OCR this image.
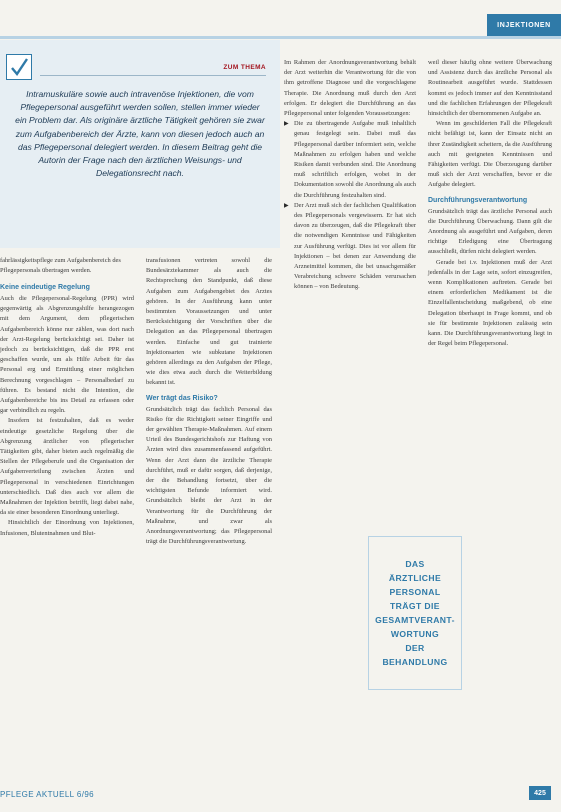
INJEKTIONEN
ZUM THEMA

Intramuskuläre sowie auch intravenöse Injektionen, die vom Pflegepersonal ausgeführt werden sollen, stellen immer wieder ein Problem dar. Als originäre ärztliche Tätigkeit gehören sie zwar zum Aufgabenbereich der Ärzte, kann von diesen jedoch auch an das Pflegepersonal delegiert werden. In diesem Beitrag geht die Autorin der Frage nach den ärztlichen Weisungs- und Delegationsrecht nach.

fahrlässigkeitspflege zum Aufgabenbereich des Pflegepersonals übertragen werden.
Keine eindeutige Regelung

Auch die Pflegepersonal-Regelung (PPR) wird gegenwärtig als Abgrenzungshilfe herangezogen mit dem Argument, dem pflegerischen Aufgabenbereich könne nur zählen, was dort nach der Arzt-Regelung berücksichtigt sei. Daher ist jedoch zu berücksichtigen, daß die PPR erst geschaffen wurde, um als Hilfe Arbeit für das Personal erg und Ermittlung einer möglichen Berechnung vorgeschlagen – Personalbedarf zu führen. Es bestand nicht die Intention, die Aufgabenbereiche bis ins Detail zu erfassen oder gar verbindlich zu regeln.

Insofern ist festzuhalten, daß es weder eindeutige gesetzliche Regelung über die Abgrenzung ärztlicher von pflegerischer Tätigkeiten gibt, daher bieten auch regelmäßig die Stellen der Pflegeberufe und die Organisation der Aufgabenverteilung zwischen Ärzten und Pflegepersonal in verschiedenen Einrichtungen unterschiedlich. Daß dies auch vor allem die Maßnahmen der Injektion betrifft, liegt dabei nahe, da sie einer besonderen Einordnung unterliegt.

Hinsichtlich der Einordnung von Injektionen, Infusionen, Blutentnahmen und Blut-

transfusionen vertreten sowohl die Bundesärztekammer als auch die Rechtsprechung den Standpunkt, daß diese Aufgaben zum Aufgabengebiet des Arztes gehören. In der Ausführung kann unter bestimmten Voraussetzungen und unter Berücksichtigung der Vorschriften über die Delegation an das Pflegepersonal übertragen werden. Einfache und gut trainierte Injektionsarten wie subkutane Injektionen gehören allerdings zu den Aufgaben der Pflege, wie dies etwa auch durch die Weiterbildung bekannt ist.

Wer trägt das Risiko?

Grundsätzlich trägt das fachlich Personal das Risiko für die Richtigkeit seiner Eingriffe und der gewählten Therapie-Maßnahmen. Auf einem Urteil des Bundesgerichtshofs zur Haftung von Ärzten wird dies zusammenfassend aufgeführt. Wenn der Arzt dann die ärztliche Therapie durchführt, muß er dafür sorgen, daß derjenige, der die Behandlung fortsetzt, über die wichtigsten Befunde informiert wird. Grundsätzlich bleibt der Arzt in der Verantwortung für die Durchführung der Maßnahme, und zwar als Anordnungsverantwortung; das Pflegepersonal trägt die Durchführungsverantwortung.

Im Rahmen der Anordnungsverantwortung behält der Arzt weiterhin die Verantwortung für die von ihm getroffene Diagnose und die vorgeschlagene Therapie. Die Anordnung muß durch den Arzt erfolgen. Er delegiert die Durchführung an das Pflegepersonal unter folgenden Voraussetzungen:

▶ Die zu übertragende Aufgabe muß inhaltlich genau festgelegt sein. Dabei muß das Pflegepersonal darüber informiert sein, welche Maßnahmen zu erfolgen haben und welche Risiken damit verbunden sind. Die Anordnung muß schriftlich erfolgen, wobei in der Dokumentation sowohl die Anordnung als auch die Durchführung festzuhalten sind.

▶ Der Arzt muß sich der fachlichen Qualifikation des Pflegepersonals vergewissern. Er hat sich davon zu überzeugen, daß die Pflegekraft über die notwendigen Kenntnisse und Fähigkeiten zur Ausführung verfügt. Dies ist vor allem für Injektionen – bei denen zur Anwendung die Arzneimittel kommen, die bei unsachgemäßer Verabreichung schwere Schäden verursachen können – von Bedeutung.

weil dieser häufig ohne weitere Überwachung und Assistenz durch das ärztliche Personal als Routinearbeit ausgeführt wurde. Stattdessen kommt es jedoch immer auf den Kenntnisstand und die fachlichen Erfahrungen der Pflegekraft hinsichtlich der übernommenen Aufgabe an.

Wenn im geschilderten Fall die Pflegekraft nicht befähigt ist, kann der Einsatz nicht an ihrer Zuständigkeit scheitern, da die Ausführung auch mit geeigneten Kenntnissen und Fähigkeiten verfügt. Die Überzeugung darüber muß sich der Arzt verschaffen, bevor er die Aufgabe delegiert.

Durchführungsverantwortung

Grundsätzlich trägt das ärztliche Personal auch die Durchführung Überwachung. Dann gilt die Anordnung als ausgeführt und Aufgaben, deren richtige Erledigung eine Übertragung ausschließt, dürfen nicht delegiert werden.

Gerade bei i.v. Injektionen muß der Arzt jedenfalls in der Lage sein, sofort einzugreifen, wenn Komplikationen auftreten. Gerade bei einem erforderlichen Medikament ist die Einzelfallentscheidung maßgebend, ob eine Delegation überhaupt in Frage kommt, und ob sie für bestimmte Injektionen zulässig sein kann. Die Durchführungsverantwortung liegt in der Regel beim Pflegepersonal.

DAS
ÄRZTLICHE
PERSONAL
TRÄGT DIE
GESAMTVERANT-
WORTUNG
DER
BEHANDLUNG
PFLEGE AKTUELL 6/96	425
